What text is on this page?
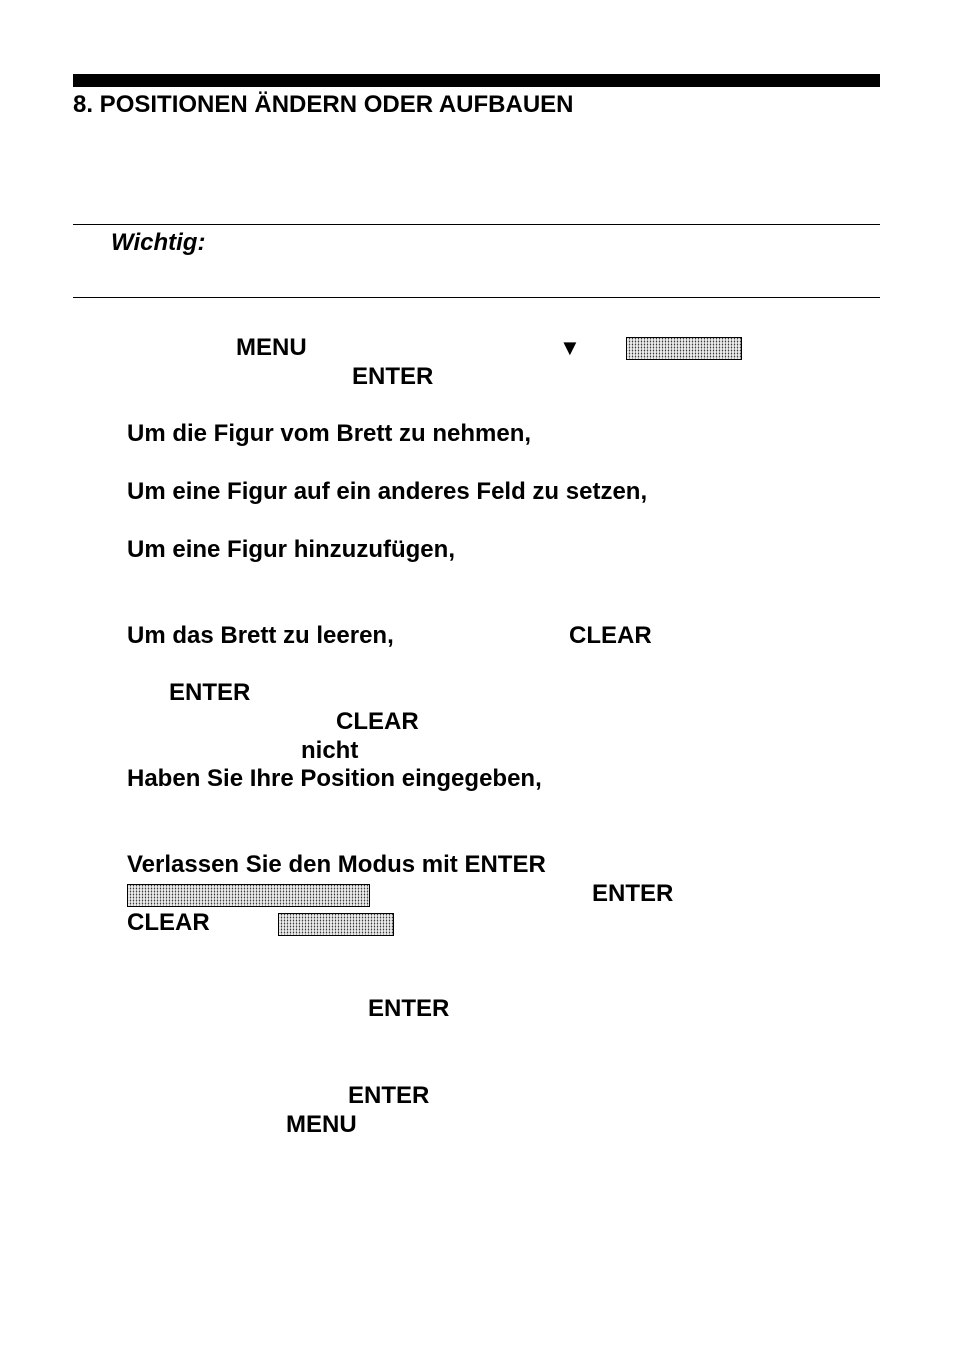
8. POSITIONEN ÄNDERN ODER AUFBAUEN
Wichtig:
MENU	▼
ENTER
Um die Figur vom Brett zu nehmen,
Um eine Figur auf ein anderes Feld zu setzen,
Um eine Figur hinzuzufügen,
Um das Brett zu leeren,	CLEAR
ENTER
CLEAR
nicht
Haben Sie Ihre Position eingegeben,
Verlassen Sie den Modus mit ENTER
ENTER
CLEAR
ENTER
ENTER
MENU
